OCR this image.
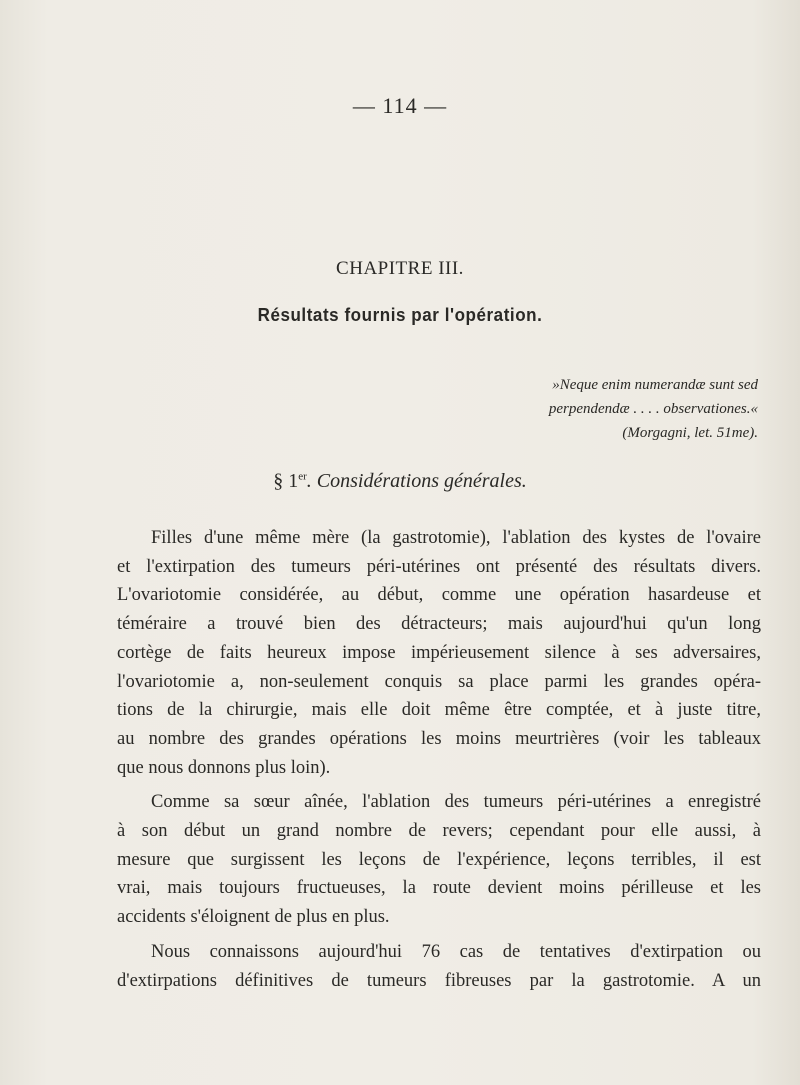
— 114 —
CHAPITRE III.
Résultats fournis par l'opération.
»Neque enim numerandæ sunt sed
perpendendæ . . . . observationes.«
(Morgagni, let. 51me).
§ 1er. Considérations générales.

Filles d'une même mère (la gastrotomie), l'ablation des kystes de l'ovaire
et l'extirpation des tumeurs péri-utérines ont présenté des résultats divers.
L'ovariotomie considérée, au début, comme une opération hasardeuse et
téméraire a trouvé bien des détracteurs; mais aujourd'hui qu'un long
cortège de faits heureux impose impérieusement silence à ses adversaires,
l'ovariotomie a, non-seulement conquis sa place parmi les grandes opéra-
tions de la chirurgie, mais elle doit même être comptée, et à juste titre,
au nombre des grandes opérations les moins meurtrières (voir les tableaux
que nous donnons plus loin).

Comme sa sœur aînée, l'ablation des tumeurs péri-utérines a enregistré
à son début un grand nombre de revers; cependant pour elle aussi, à
mesure que surgissent les leçons de l'expérience, leçons terribles, il est
vrai, mais toujours fructueuses, la route devient moins périlleuse et les
accidents s'éloignent de plus en plus.

Nous connaissons aujourd'hui 76 cas de tentatives d'extirpation ou
d'extirpations définitives de tumeurs fibreuses par la gastrotomie. A un
